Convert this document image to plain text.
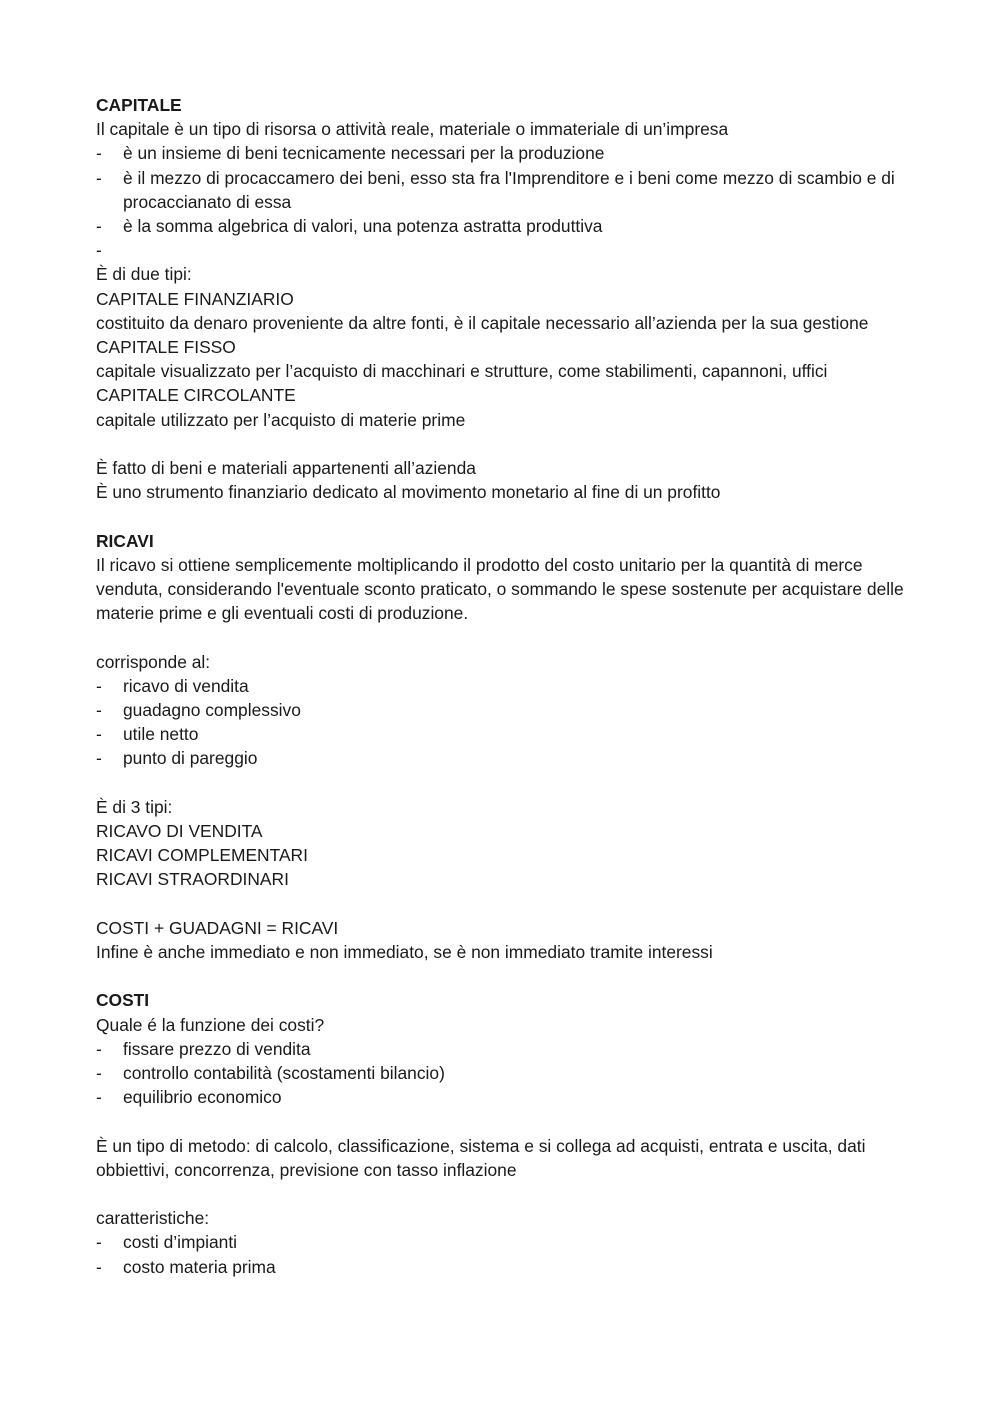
CAPITALE

Il capitale è un tipo di risorsa o attività reale, materiale o immateriale di un’impresa

- è un insieme di beni tecnicamente necessari per la produzione
- è il mezzo di procaccamero dei beni, esso sta fra l'Imprenditore e i beni come mezzo di scambio e di procaccianato di essa
- è la somma algebrica di valori, una potenza astratta produttiva
-

È di due tipi:

CAPITALE FINANZIARIO

costituito da denaro proveniente da altre fonti, è il capitale necessario all’azienda per la sua gestione

CAPITALE FISSO

capitale visualizzato per l’acquisto di macchinari e strutture, come stabilimenti, capannoni, uffici

CAPITALE CIRCOLANTE

capitale utilizzato per l’acquisto di materie prime

È fatto di beni e materiali appartenenti all’azienda

È uno strumento finanziario dedicato al movimento monetario al fine di un profitto

RICAVI

Il ricavo si ottiene semplicemente moltiplicando il prodotto del costo unitario per la quantità di merce venduta, considerando l'eventuale sconto praticato, o sommando le spese sostenute per acquistare delle materie prime e gli eventuali costi di produzione.

corrisponde al:

- ricavo di vendita
- guadagno complessivo
- utile netto
- punto di pareggio

È di 3 tipi:

RICAVO DI VENDITA

RICAVI COMPLEMENTARI

RICAVI STRAORDINARI

COSTI + GUADAGNI = RICAVI

Infine è anche immediato e non immediato, se è non immediato tramite interessi

COSTI

Quale é la funzione dei costi?

- fissare prezzo di vendita
- controllo contabilità (scostamenti bilancio)
- equilibrio economico

È un tipo di metodo: di calcolo, classificazione, sistema e si collega ad acquisti, entrata e uscita, dati obbiettivi, concorrenza, previsione con tasso inflazione

caratteristiche:

- costi d’impianti
- costo materia prima
